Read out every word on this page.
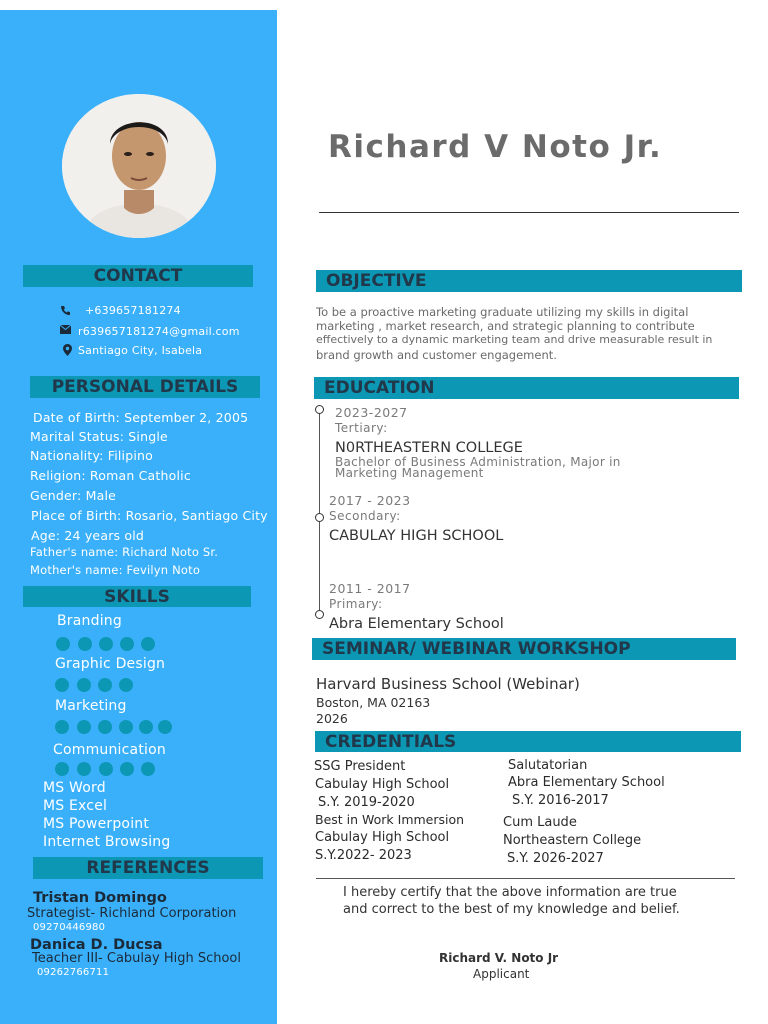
CONTACT
+639657181274
r639657181274@gmail.com
Santiago City, Isabela
PERSONAL DETAILS
Date of Birth: September 2, 2005
Marital Status: Single
Nationality: Filipino
Religion: Roman Catholic
Gender: Male
Place of Birth: Rosario, Santiago City
Age: 24 years old
Father's name: Richard Noto Sr.
Mother's name: Fevilyn Noto
SKILLS
Branding
Graphic Design
Marketing
Communication
MS Word
MS Excel
MS Powerpoint
Internet Browsing
REFERENCES
Tristan Domingo
Strategist- Richland Corporation
09270446980
Danica D. Ducsa
Teacher III- Cabulay High School
09262766711
Richard V Noto Jr.
OBJECTIVE
To be a proactive marketing graduate utilizing my skills in digital
marketing , market research, and strategic planning to contribute
effectively to a dynamic marketing team and drive measurable result in
brand growth and customer engagement.
EDUCATION
2023-2027
Tertiary:
N0RTHEASTERN COLLEGE
Bachelor of Business Administration, Major in
Marketing Management
2017 - 2023
Secondary:
CABULAY HIGH SCHOOL
2011 - 2017
Primary:
Abra Elementary School
SEMINAR/ WEBINAR WORKSHOP
Harvard Business School (Webinar)
Boston, MA 02163
2026
CREDENTIALS
SSG President
Cabulay High School
S.Y. 2019-2020
Best in Work Immersion
Cabulay High School
S.Y.2022- 2023
Salutatorian
Abra Elementary School
S.Y. 2016-2017
Cum Laude
Northeastern College
S.Y. 2026-2027
I hereby certify that the above information are true
and correct to the best of my knowledge and belief.
Richard V. Noto Jr
Applicant
